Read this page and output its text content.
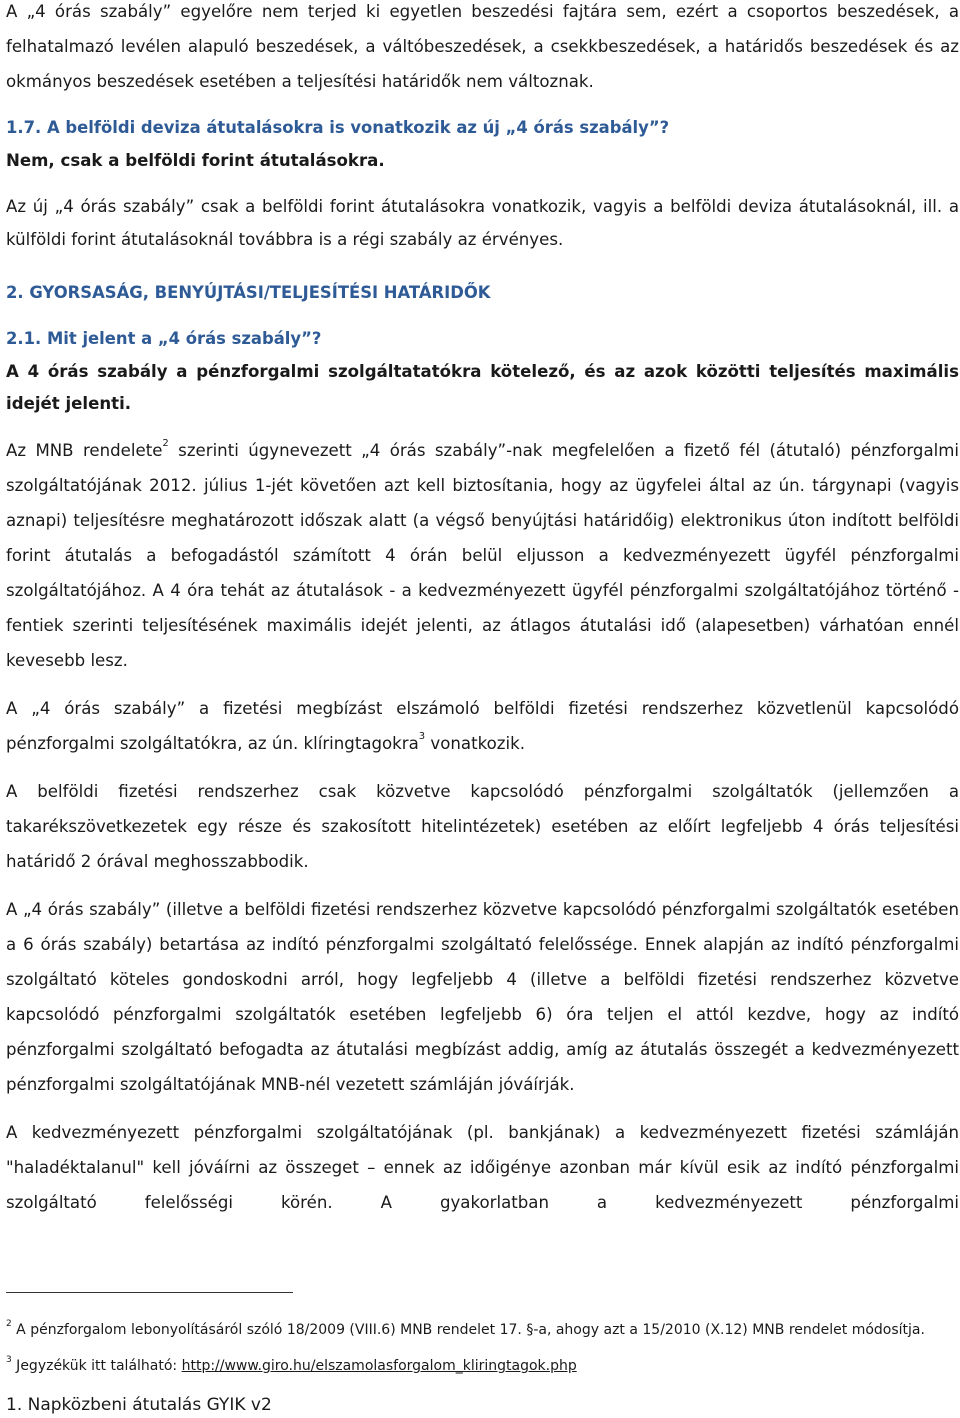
A „4 órás szabály” egyelőre nem terjed ki egyetlen beszedési fajtára sem, ezért a csoportos beszedések, a felhatalmazó levélen alapuló beszedések, a váltóbeszedések, a csekkbeszedések, a határidős beszedések és az okmányos beszedések esetében a teljesítési határidők nem változnak.

1.7. A belföldi deviza átutalásokra is vonatkozik az új „4 órás szabály”?

Nem, csak a belföldi forint átutalásokra.

Az új „4 órás szabály” csak a belföldi forint átutalásokra vonatkozik, vagyis a belföldi deviza átutalásoknál, ill. a külföldi forint átutalásoknál továbbra is a régi szabály az érvényes.

2. GYORSASÁG, BENYÚJTÁSI/TELJESÍTÉSI HATÁRIDŐK

2.1. Mit jelent a „4 órás szabály”?

A 4 órás szabály a pénzforgalmi szolgáltatatókra kötelező, és az azok közötti teljesítés maximális idejét jelenti.

Az MNB rendelete$^2$ szerinti úgynevezett „4 órás szabály”-nak megfelelően a fizető fél (átutaló) pénzforgalmi szolgáltatójának 2012. július 1-jét követően azt kell biztosítania, hogy az ügyfelei által az ún. tárgynapi (vagyis aznapi) teljesítésre meghatározott időszak alatt (a végső benyújtási határidőig) elektronikus úton indított belföldi forint átutalás a befogadástól számított 4 órán belül eljusson a kedvezményezett ügyfél pénzforgalmi szolgáltatójához. A 4 óra tehát az átutalások - a kedvezményezett ügyfél pénzforgalmi szolgáltatójához történő - fentiek szerinti teljesítésének maximális idejét jelenti, az átlagos átutalási idő (alapesetben) várhatóan ennél kevesebb lesz.

A „4 órás szabály” a fizetési megbízást elszámoló belföldi fizetési rendszerhez közvetlenül kapcsolódó pénzforgalmi szolgáltatókra, az ún. klíringtagokra$^3$ vonatkozik.

A belföldi fizetési rendszerhez csak közvetve kapcsolódó pénzforgalmi szolgáltatók (jellemzően a takarékszövetkezetek egy része és szakosított hitelintézetek) esetében az előírt legfeljebb 4 órás teljesítési határidő 2 órával meghosszabbodik.

A „4 órás szabály” (illetve a belföldi fizetési rendszerhez közvetve kapcsolódó pénzforgalmi szolgáltatók esetében a 6 órás szabály) betartása az indító pénzforgalmi szolgáltató felelőssége. Ennek alapján az indító pénzforgalmi szolgáltató köteles gondoskodni arról, hogy legfeljebb 4 (illetve a belföldi fizetési rendszerhez közvetve kapcsolódó pénzforgalmi szolgáltatók esetében legfeljebb 6) óra teljen el attól kezdve, hogy az indító pénzforgalmi szolgáltató befogadta az átutalási megbízást addig, amíg az átutalás összegét a kedvezményezett pénzforgalmi szolgáltatójának MNB-nél vezetett számláján jóváírják.

A kedvezményezett pénzforgalmi szolgáltatójának (pl. bankjának) a kedvezményezett fizetési számláján "haladéktalanul" kell jóváírni az összeget – ennek az időigénye azonban már kívül esik az indító pénzforgalmi szolgáltató felelősségi körén. A gyakorlatban a kedvezményezett pénzforgalmi

$^2$ A pénzforgalom lebonyolításáról szóló 18/2009 (VIII.6) MNB rendelet 17. §-a, ahogy azt a 15/2010 (X.12) MNB rendelet módosítja.
$^3$ Jegyzékük itt található: http://www.giro.hu/elszamolasforgalom_kliringtagok.php
1. Napközbeni átutalás GYIK v2
